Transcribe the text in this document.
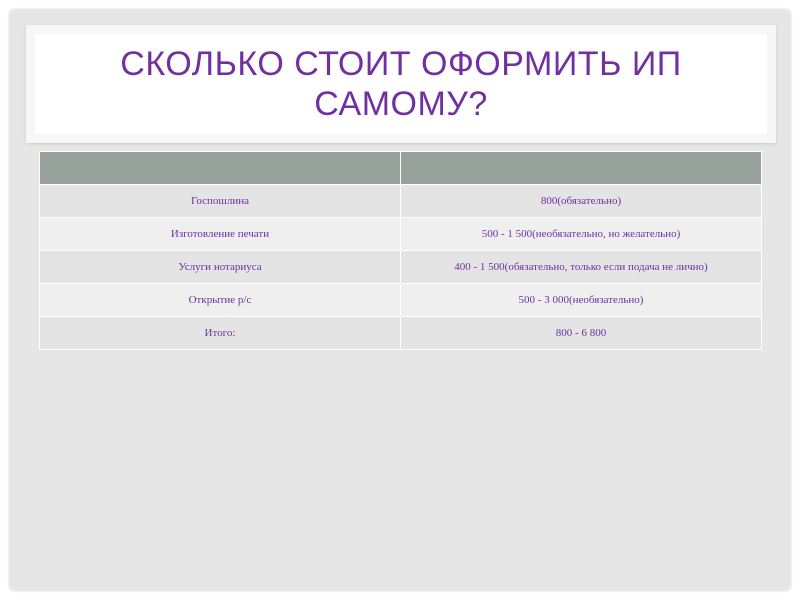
СКОЛЬКО СТОИТ ОФОРМИТЬ ИП САМОМУ?

Госпошлина	800(обязательно)
Изготовление печати	500 - 1 500(необязательно, но желательно)
Услуги нотариуса	400 - 1 500(обязательно, только если подача не лично)
Открытие р/с	500 - 3 000(необязательно)
Итого:	800 - 6 800
